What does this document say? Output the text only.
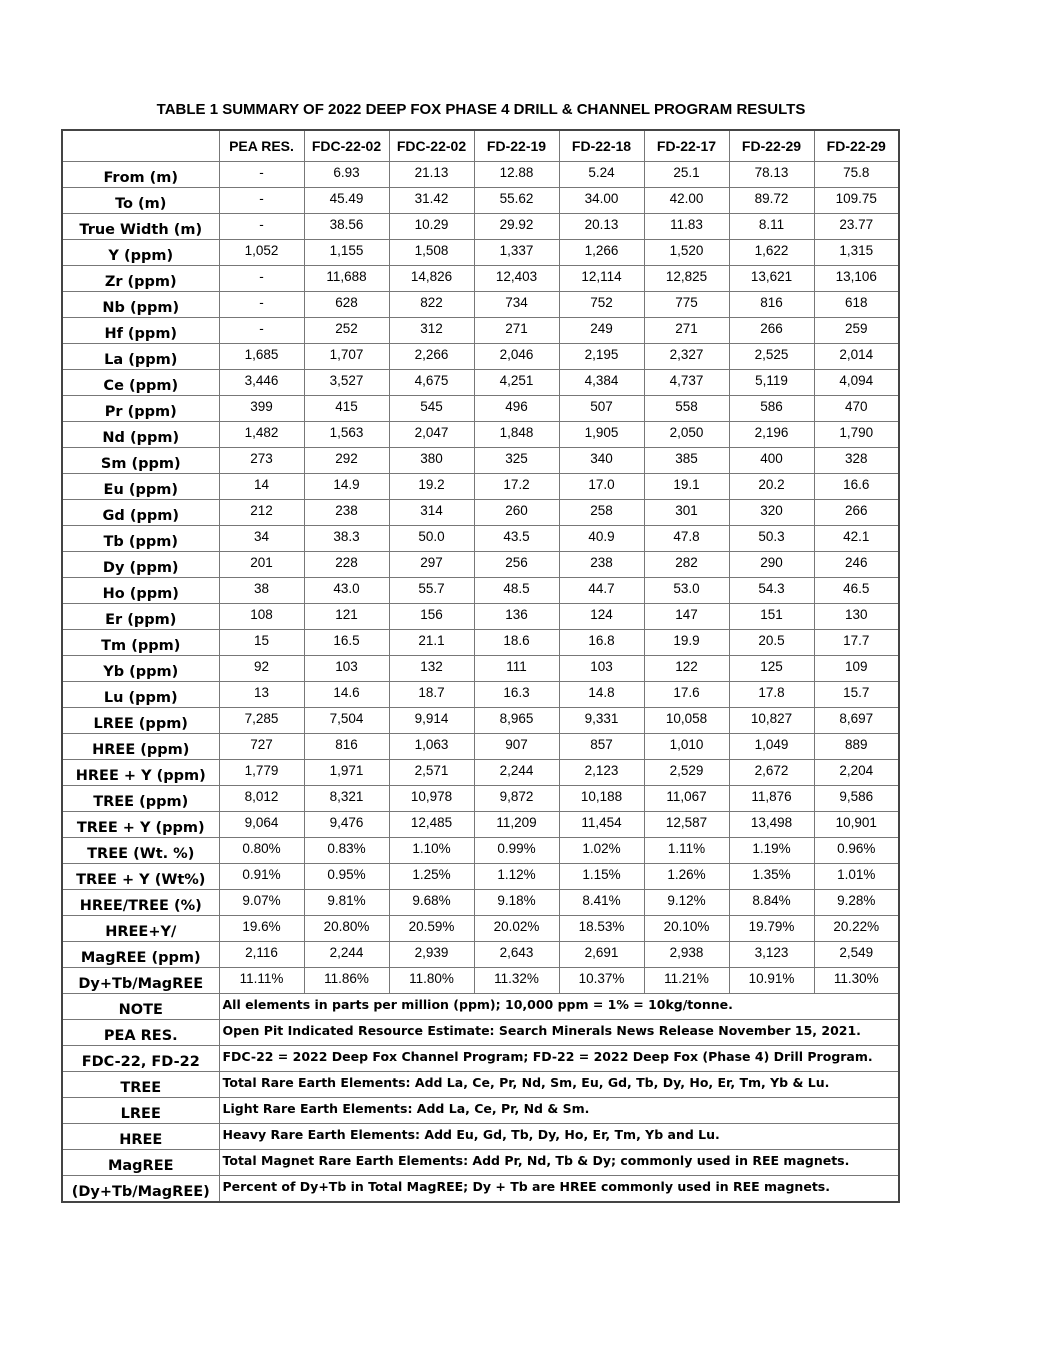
TABLE 1 SUMMARY OF 2022 DEEP FOX PHASE 4 DRILL & CHANNEL PROGRAM RESULTS
	PEA RES.	FDC-22-02	FDC-22-02	FD-22-19	FD-22-18	FD-22-17	FD-22-29	FD-22-29
From (m)	-	6.93	21.13	12.88	5.24	25.1	78.13	75.8
To (m)	-	45.49	31.42	55.62	34.00	42.00	89.72	109.75
True Width (m)	-	38.56	10.29	29.92	20.13	11.83	8.11	23.77
Y (ppm)	1,052	1,155	1,508	1,337	1,266	1,520	1,622	1,315
Zr (ppm)	-	11,688	14,826	12,403	12,114	12,825	13,621	13,106
Nb (ppm)	-	628	822	734	752	775	816	618
Hf (ppm)	-	252	312	271	249	271	266	259
La (ppm)	1,685	1,707	2,266	2,046	2,195	2,327	2,525	2,014
Ce (ppm)	3,446	3,527	4,675	4,251	4,384	4,737	5,119	4,094
Pr (ppm)	399	415	545	496	507	558	586	470
Nd (ppm)	1,482	1,563	2,047	1,848	1,905	2,050	2,196	1,790
Sm (ppm)	273	292	380	325	340	385	400	328
Eu (ppm)	14	14.9	19.2	17.2	17.0	19.1	20.2	16.6
Gd (ppm)	212	238	314	260	258	301	320	266
Tb (ppm)	34	38.3	50.0	43.5	40.9	47.8	50.3	42.1
Dy (ppm)	201	228	297	256	238	282	290	246
Ho (ppm)	38	43.0	55.7	48.5	44.7	53.0	54.3	46.5
Er (ppm)	108	121	156	136	124	147	151	130
Tm (ppm)	15	16.5	21.1	18.6	16.8	19.9	20.5	17.7
Yb (ppm)	92	103	132	111	103	122	125	109
Lu (ppm)	13	14.6	18.7	16.3	14.8	17.6	17.8	15.7
LREE (ppm)	7,285	7,504	9,914	8,965	9,331	10,058	10,827	8,697
HREE (ppm)	727	816	1,063	907	857	1,010	1,049	889
HREE + Y (ppm)	1,779	1,971	2,571	2,244	2,123	2,529	2,672	2,204
TREE (ppm)	8,012	8,321	10,978	9,872	10,188	11,067	11,876	9,586
TREE + Y (ppm)	9,064	9,476	12,485	11,209	11,454	12,587	13,498	10,901
TREE (Wt. %)	0.80%	0.83%	1.10%	0.99%	1.02%	1.11%	1.19%	0.96%
TREE + Y (Wt%)	0.91%	0.95%	1.25%	1.12%	1.15%	1.26%	1.35%	1.01%
HREE/TREE (%)	9.07%	9.81%	9.68%	9.18%	8.41%	9.12%	8.84%	9.28%
HREE+Y/	19.6%	20.80%	20.59%	20.02%	18.53%	20.10%	19.79%	20.22%
MagREE (ppm)	2,116	2,244	2,939	2,643	2,691	2,938	3,123	2,549
Dy+Tb/MagREE	11.11%	11.86%	11.80%	11.32%	10.37%	11.21%	10.91%	11.30%
NOTE	All elements in parts per million (ppm); 10,000 ppm = 1% = 10kg/tonne.							
PEA RES.	Open Pit Indicated Resource Estimate: Search Minerals News Release November 15, 2021.							
FDC-22, FD-22	FDC-22 = 2022 Deep Fox Channel Program; FD-22 = 2022 Deep Fox (Phase 4) Drill Program.							
TREE	Total Rare Earth Elements: Add La, Ce, Pr, Nd, Sm, Eu, Gd, Tb, Dy, Ho, Er, Tm, Yb & Lu.							
LREE	Light Rare Earth Elements: Add La, Ce, Pr, Nd & Sm.							
HREE	Heavy Rare Earth Elements: Add Eu, Gd, Tb, Dy, Ho, Er, Tm, Yb and Lu.							
MagREE	Total Magnet Rare Earth Elements: Add Pr, Nd, Tb & Dy; commonly used in REE magnets.							
(Dy+Tb/MagREE)	Percent of Dy+Tb in Total MagREE; Dy + Tb are HREE commonly used in REE magnets.							
